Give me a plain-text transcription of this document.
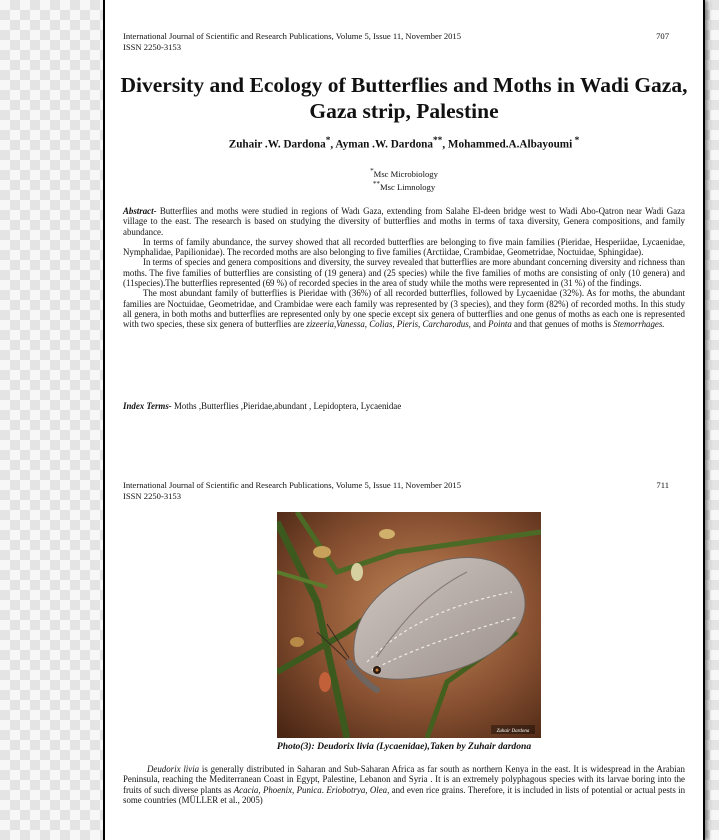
International Journal of Scientific and Research Publications, Volume 5, Issue 11, November 2015
ISSN 2250-3153
707
Diversity and Ecology of Butterflies and Moths in Wadi Gaza, Gaza strip, Palestine
Zuhair .W. Dardona*, Ayman .W. Dardona**, Mohammed.A.Albayoumi *
*Msc Microbiology
**Msc Limnology

Abstract- Butterflies and moths were studied in regions of Wadı Gaza, extending from Salahe El-deen bridge west to Wadi Abo-Qatron near Wadi Gaza village to the east. The research is based on studying the diversity of butterflies and moths in terms of taxa diversity, Genera compositions, and family abundance.

In terms of family abundance, the survey showed that all recorded butterflies are belonging to five main families (Pieridae, Hesperiidae, Lycaenidae, Nymphalidae, Papilionidae). The recorded moths are also belonging to five families (Arctiidae, Crambidae, Geometridae, Noctuidae, Sphingidae).

In terms of species and genera compositions and diversity, the survey revealed that butterflies are more abundant concerning diversity and richness than moths. The five families of butterflies are consisting of (19 genera) and (25 species) while the five families of moths are consisting of only (10 genera) and (11species).The butterflies represented (69 %) of recorded species in the area of study while the moths were represented in (31 %) of the findings.

The most abundant family of butterflies is Pieridae with (36%) of all recorded butterflies, followed by Lycaenidae (32%). As for moths, the abundant families are Noctuidae, Geometridae, and Crambidae were each family was represented by (3 species), and they form (82%) of recorded moths. In this study all genera, in both moths and butterflies are represented only by one specie except six genera of butterflies and one genus of moths as each one is represented with two species, these six genera of butterflies are zizeeria,Vanessa, Colias, Pieris, Carcharodus, and Pointa and that genues of moths is Stemorrhages.

Index Terms- Moths ,Butterflies ,Pieridae,abundant , Lepidoptera, Lycaenidae
International Journal of Scientific and Research Publications, Volume 5, Issue 11, November 2015
ISSN 2250-3153
711
Zuhair Dardona
Photo(3): Deudorix livia (Lycaenidae),Taken by Zuhair dardona
Deudorix livia is generally distributed in Saharan and Sub-Saharan Africa as far south as northern Kenya in the east. It is widespread in the Arabian Peninsula, reaching the Mediterranean Coast in Egypt, Palestine, Lebanon and Syria . It is an extremely polyphagous species with its larvae boring into the fruits of such diverse plants as Acacia, Phoenix, Punica. Eriobotrya, Olea, and even rice grains. Therefore, it is included in lists of potential or actual pests in some countries (MÜLLER et al., 2005)
